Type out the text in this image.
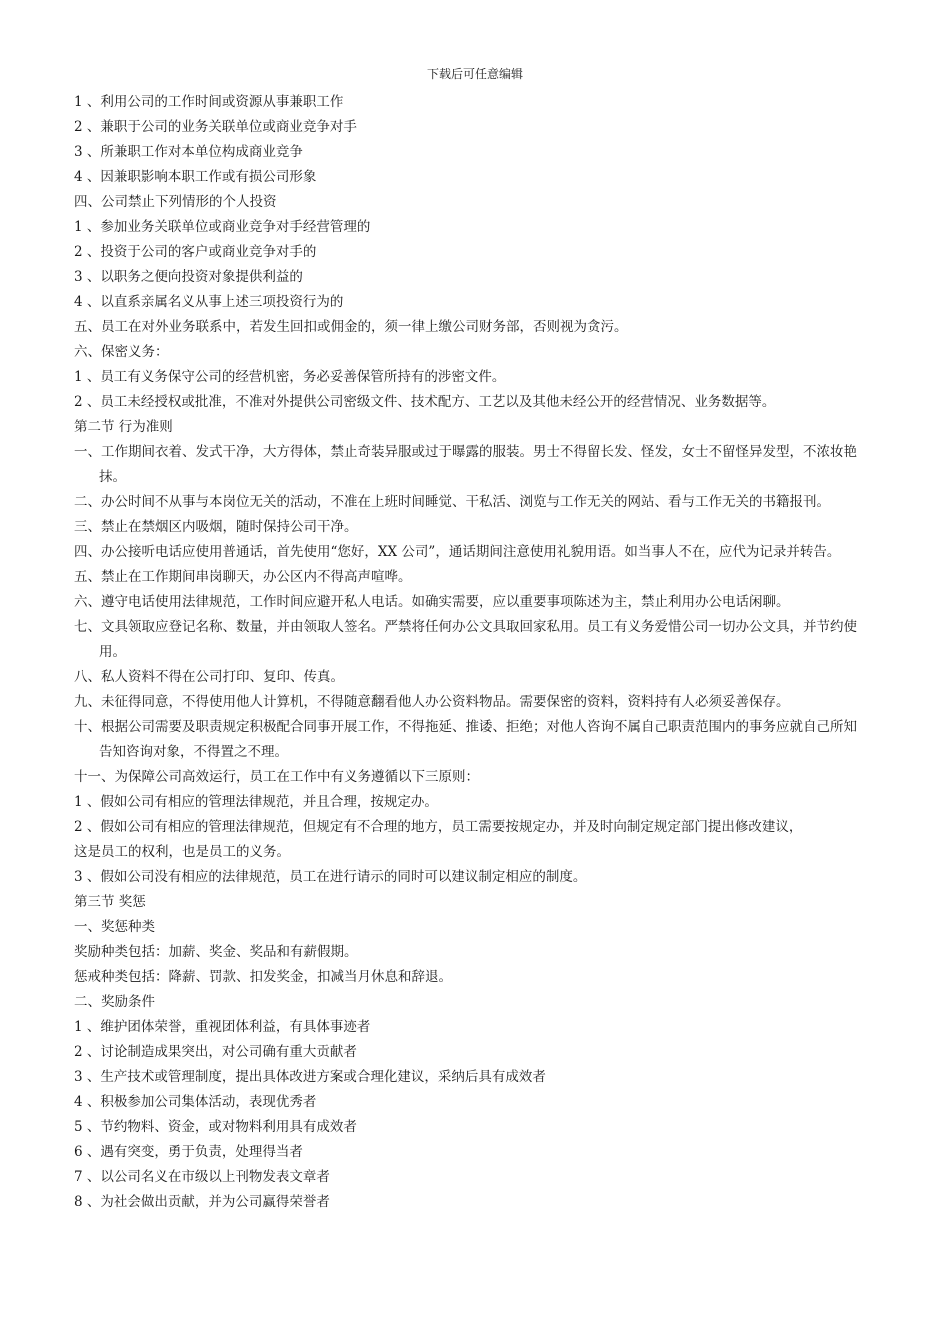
下载后可任意编辑
1 、利用公司的工作时间或资源从事兼职工作
2 、兼职于公司的业务关联单位或商业竞争对手
3 、所兼职工作对本单位构成商业竞争
4 、因兼职影响本职工作或有损公司形象
四、公司禁止下列情形的个人投资
1 、参加业务关联单位或商业竞争对手经营管理的
2 、投资于公司的客户或商业竞争对手的
3 、以职务之便向投资对象提供利益的
4 、以直系亲属名义从事上述三项投资行为的
五、员工在对外业务联系中，若发生回扣或佣金的，须一律上缴公司财务部，否则视为贪污。
六、保密义务：
1 、员工有义务保守公司的经营机密，务必妥善保管所持有的涉密文件。
2 、员工未经授权或批准，不准对外提供公司密级文件、技术配方、工艺以及其他未经公开的经营情况、业务数据等。
第二节 行为准则
一、工作期间衣着、发式干净，大方得体，禁止奇装异服或过于曝露的服装。男士不得留长发、怪发，女士不留怪异发型，不浓妆艳抹。
二、办公时间不从事与本岗位无关的活动，不准在上班时间睡觉、干私活、浏览与工作无关的网站、看与工作无关的书籍报刊。
三、禁止在禁烟区内吸烟，随时保持公司干净。
四、办公接听电话应使用普通话，首先使用“您好，XX 公司”，通话期间注意使用礼貌用语。如当事人不在，应代为记录并转告。
五、禁止在工作期间串岗聊天，办公区内不得高声喧哗。
六、遵守电话使用法律规范，工作时间应避开私人电话。如确实需要，应以重要事项陈述为主，禁止利用办公电话闲聊。
七、文具领取应登记名称、数量，并由领取人签名。严禁将任何办公文具取回家私用。员工有义务爱惜公司一切办公文具，并节约使用。
八、私人资料不得在公司打印、复印、传真。
九、未征得同意，不得使用他人计算机，不得随意翻看他人办公资料物品。需要保密的资料，资料持有人必须妥善保存。
十、根据公司需要及职责规定积极配合同事开展工作，不得拖延、推诿、拒绝；对他人咨询不属自己职责范围内的事务应就自己所知告知咨询对象，不得置之不理。
十一、为保障公司高效运行，员工在工作中有义务遵循以下三原则：
1 、假如公司有相应的管理法律规范，并且合理，按规定办。
2 、假如公司有相应的管理法律规范，但规定有不合理的地方，员工需要按规定办，并及时向制定规定部门提出修改建议，
这是员工的权利，也是员工的义务。
3 、假如公司没有相应的法律规范，员工在进行请示的同时可以建议制定相应的制度。
第三节 奖惩
一、奖惩种类
奖励种类包括：加薪、奖金、奖品和有薪假期。
惩戒种类包括：降薪、罚款、扣发奖金，扣减当月休息和辞退。
二、奖励条件
1 、维护团体荣誉，重视团体利益，有具体事迹者
2 、讨论制造成果突出，对公司确有重大贡献者
3 、生产技术或管理制度，提出具体改进方案或合理化建议，采纳后具有成效者
4 、积极参加公司集体活动，表现优秀者
5 、节约物料、资金，或对物料利用具有成效者
6 、遇有突变，勇于负责，处理得当者
7 、以公司名义在市级以上刊物发表文章者
8 、为社会做出贡献，并为公司赢得荣誉者
